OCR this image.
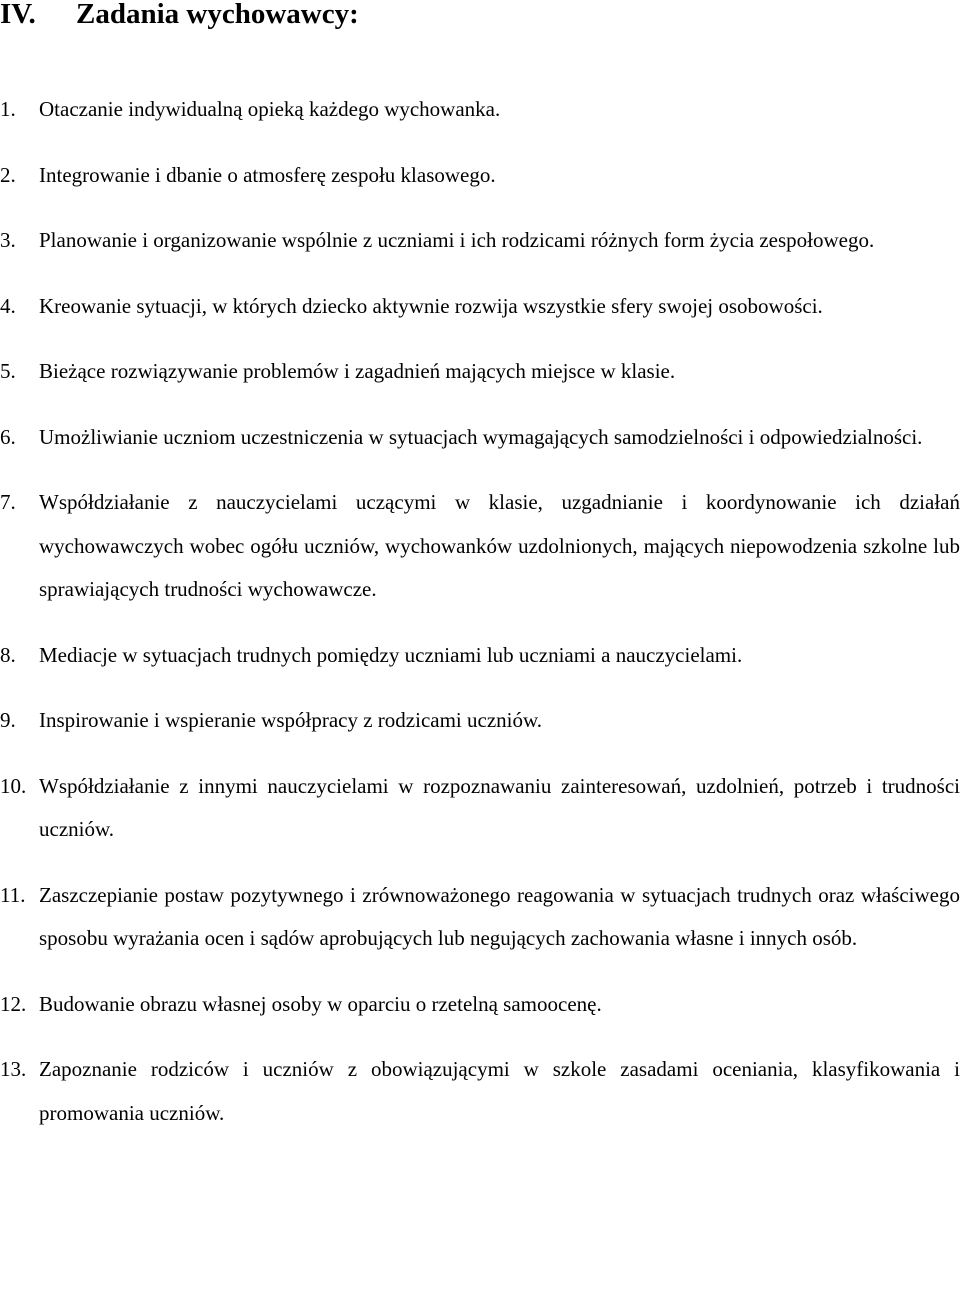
IV. Zadania wychowawcy:
1.	Otaczanie indywidualną opieką każdego wychowanka.
2.	Integrowanie i dbanie o atmosferę zespołu klasowego.
3.	Planowanie i organizowanie wspólnie z uczniami i ich rodzicami różnych form życia zespołowego.
4.	Kreowanie sytuacji, w których dziecko aktywnie rozwija wszystkie sfery swojej osobowości.
5.	Bieżące rozwiązywanie problemów i zagadnień mających miejsce w klasie.
6.	Umożliwianie uczniom uczestniczenia w sytuacjach wymagających samodzielności i odpowiedzialności.
7.	Współdziałanie z nauczycielami uczącymi w klasie, uzgadnianie i koordynowanie ich działań wychowawczych wobec ogółu uczniów, wychowanków uzdolnionych, mających niepowodzenia szkolne lub sprawiających trudności wychowawcze.
8.	Mediacje w sytuacjach trudnych pomiędzy uczniami lub uczniami a nauczycielami.
9.	Inspirowanie i wspieranie współpracy z rodzicami uczniów.
10. Współdziałanie z innymi nauczycielami w rozpoznawaniu zainteresowań, uzdolnień, potrzeb i trudności uczniów.
11. Zaszczepianie postaw pozytywnego i zrównoważonego reagowania w sytuacjach trudnych oraz właściwego sposobu wyrażania ocen i sądów aprobujących lub negujących zachowania własne i innych osób.
12. Budowanie obrazu własnej osoby w oparciu o rzetelną samoocenę.
13. Zapoznanie rodziców i uczniów z obowiązującymi w szkole zasadami oceniania, klasyfikowania i promowania uczniów.
